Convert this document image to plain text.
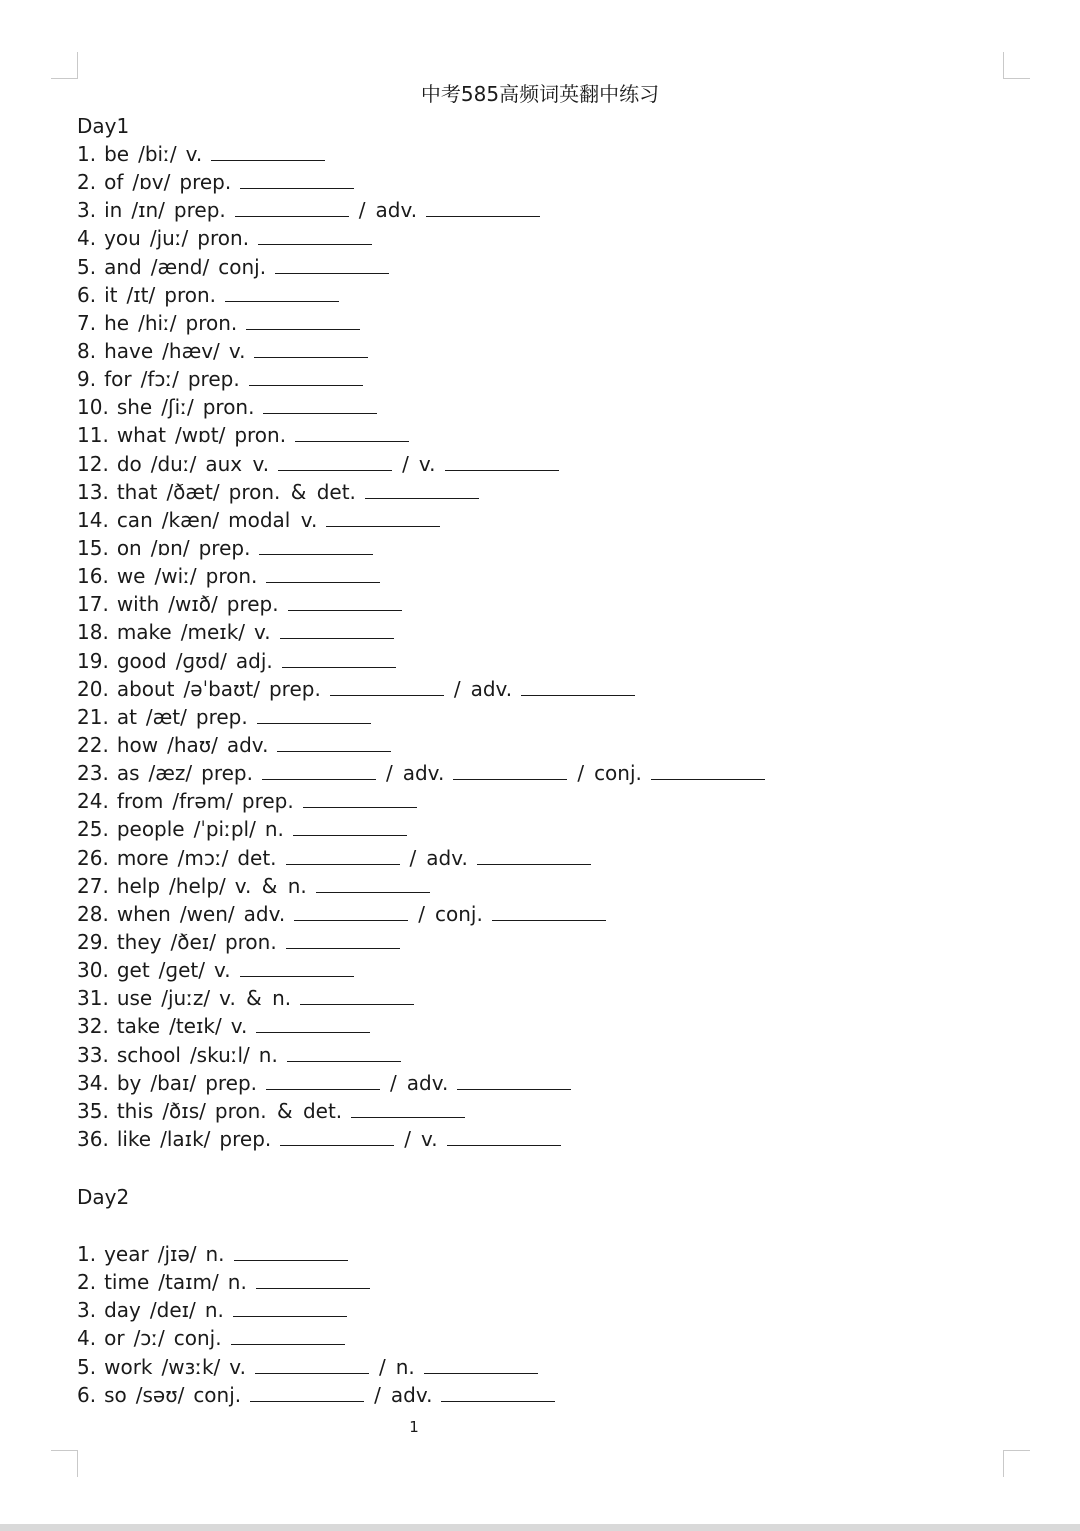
中考585高频词英翻中练习
Day1
1. be /biː/ v.
2. of /ɒv/ prep.
3. in /ɪn/ prep.	/ adv.
4. you /juː/ pron.
5. and /ænd/ conj.
6. it /ɪt/ pron.
7. he /hiː/ pron.
8. have /hæv/ v.
9. for /fɔː/ prep.
10. she /ʃiː/ pron.
11. what /wɒt/ pron.
12. do /duː/ aux v.	/ v.
13. that /ðæt/ pron. & det.
14. can /kæn/ modal v.
15. on /ɒn/ prep.
16. we /wiː/ pron.
17. with /wɪð/ prep.
18. make /meɪk/ v.
19. good /ɡʊd/ adj.
20. about /əˈbaʊt/ prep.	/ adv.
21. at /æt/ prep.
22. how /haʊ/ adv.
23. as /æz/ prep.	/ adv.	/ conj.
24. from /frəm/ prep.
25. people /ˈpiːpl/ n.
26. more /mɔː/ det.	/ adv.
27. help /help/ v. & n.
28. when /wen/ adv.	/ conj.
29. they /ðeɪ/ pron.
30. get /ɡet/ v.
31. use /juːz/ v. & n.
32. take /teɪk/ v.
33. school /skuːl/ n.
34. by /baɪ/ prep.	/ adv.
35. this /ðɪs/ pron. & det.
36. like /laɪk/ prep.	/ v.
Day2
1. year /jɪə/ n.
2. time /taɪm/ n.
3. day /deɪ/ n.
4. or /ɔː/ conj.
5. work /wɜːk/ v.	/ n.
6. so /səʊ/ conj.	/ adv.
1
